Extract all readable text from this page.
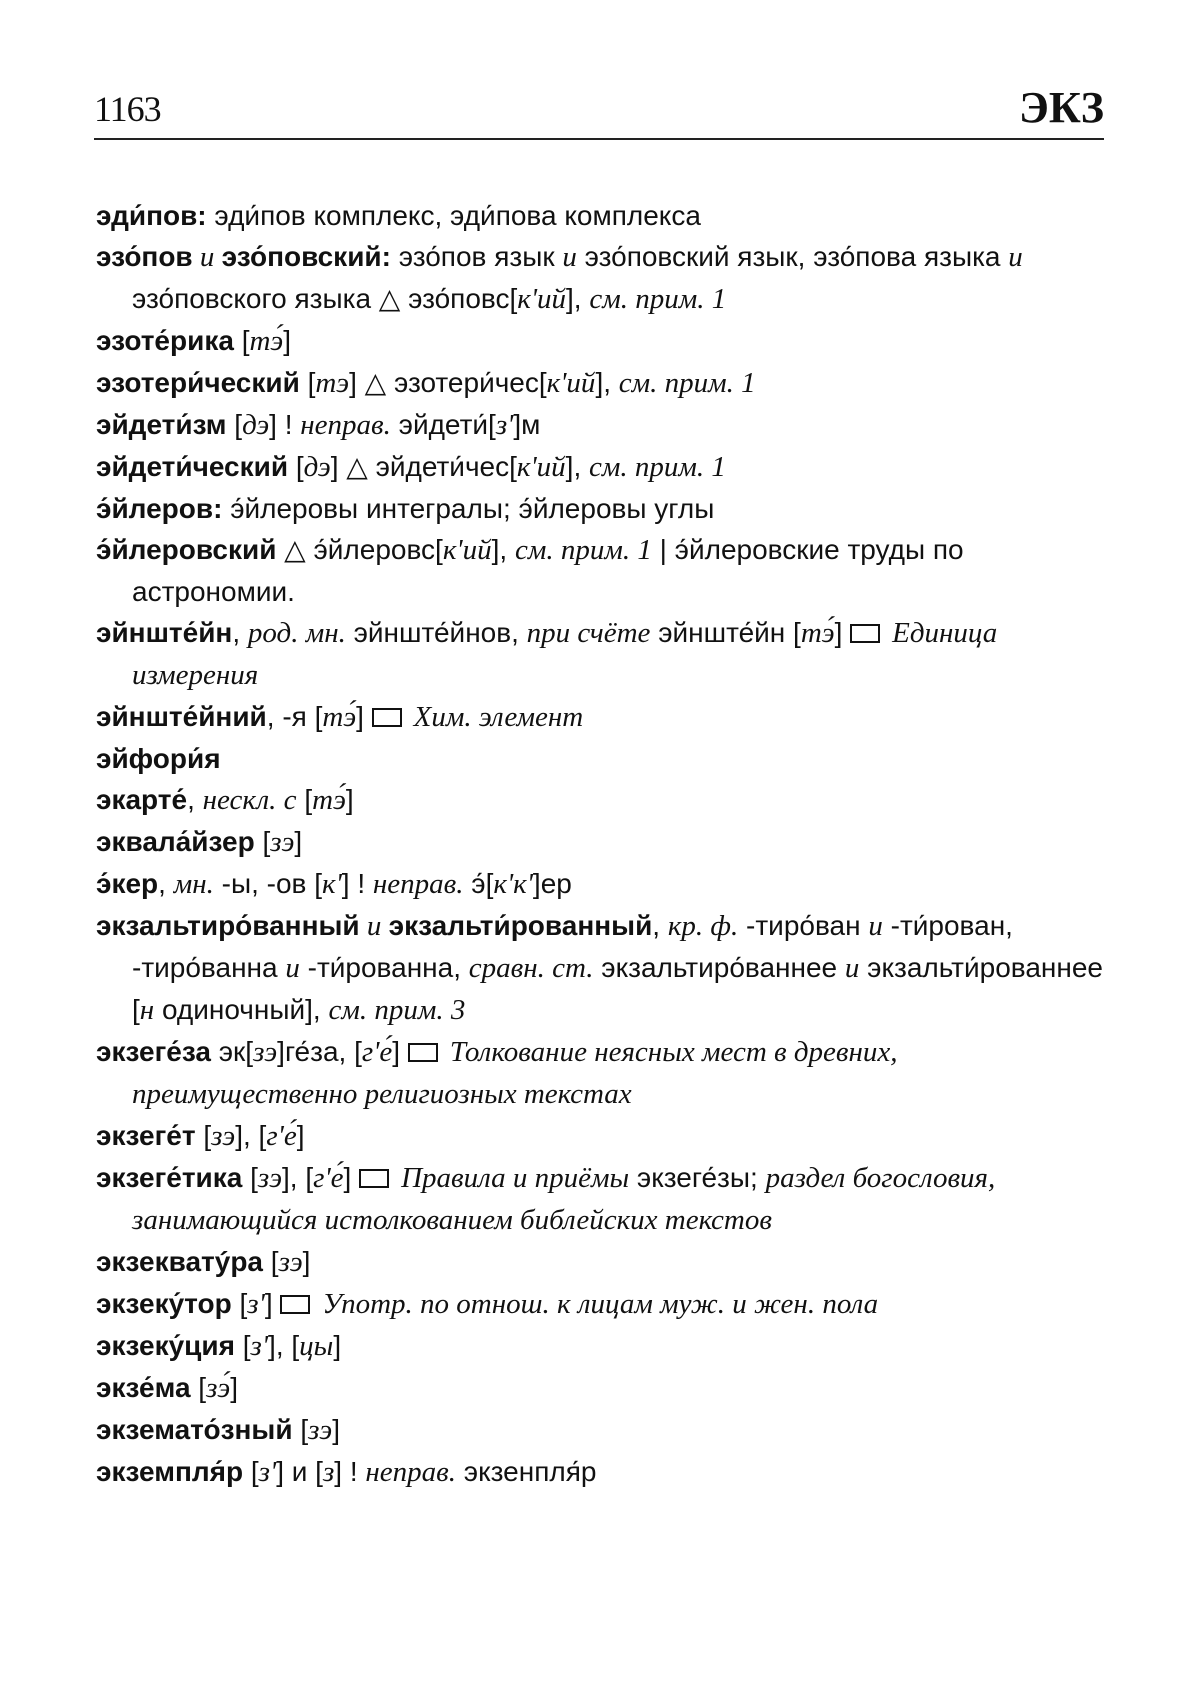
1163	ЭКЗ
эди́пов: эди́пов комплекс, эди́пова комплекса
эзо́пов и эзо́повский: эзо́пов язык и эзо́повский язык, эзо́пова языка и эзо́повского языка △ эзо́повс[к'ий], см. прим. 1
эзоте́рика [тэ́]
эзотери́ческий [тэ] △ эзотери́чес[к'ий], см. прим. 1
эйдети́зм [дэ] ! неправ. эйдети́[з']м
эйдети́ческий [дэ] △ эйдети́чес[к'ий], см. прим. 1
э́йлеров: э́йлеровы интегралы; э́йлеровы углы
э́йлеровский △ э́йлеровс[к'ий], см. прим. 1 | э́йлеровские труды по астрономии.
эйнште́йн, род. мн. эйнште́йнов, при счёте эйнште́йн [тэ́] Единица измерения
эйнште́йний, -я [тэ́] Хим. элемент
эйфори́я
экарте́, нескл. с [тэ́]
эквала́йзер [зэ]
э́кер, мн. -ы, -ов [к'] ! неправ. э́[к'к']ер
экзальтиро́ванный и экзальти́рованный, кр. ф. -тиро́ван и -ти́рован, -тиро́ванна и -ти́рованна, сравн. ст. экзальтиро́ваннее и экзальти́рованнее [н одиночный], см. прим. 3
экзеге́за эк[зэ]ге́за, [г'е́] Толкование неясных мест в древних, преимущественно религиозных текстах
экзеге́т [зэ], [г'е́]
экзеге́тика [зэ], [г'е́] Правила и приёмы экзеге́зы; раздел богословия, занимающийся истолкованием библейских текстов
экзекватýра [зэ]
экзеку́тор [з'] Употр. по отнош. к лицам муж. и жен. пола
экзеку́ция [з'], [цы]
экзе́ма [зэ́]
экземато́зный [зэ]
экземпля́р [з'] и [з] ! неправ. экзенпля́р
